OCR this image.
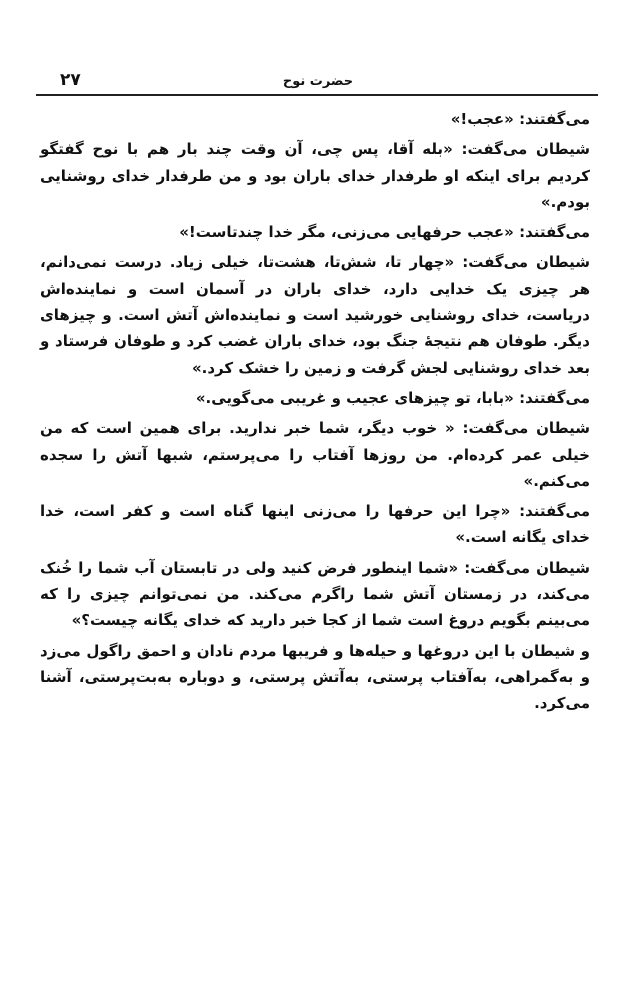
حضرت نوح
۲۷

می‌گفتند: «عجب!»

شیطان می‌گفت: «بله آقا، پس چی، آن وقت چند بار هم با نوح گفتگو کردیم برای اینکه او طرفدار خدای باران بود و من طرفدار خدای روشنایی بودم.»

می‌گفتند: «عجب حرفهایی می‌زنی، مگر خدا چندتاست!»

شیطان می‌گفت: «چهار تا، شش‌تا، هشت‌تا، خیلی زیاد. درست نمی‌دانم، هر چیزی یک خدایی دارد، خدای باران در آسمان است و نماینده‌اش دریاست، خدای روشنایی خورشید است و نماینده‌اش آتش است. و چیزهای دیگر. طوفان هم نتیجهٔ جنگ بود، خدای باران غضب کرد و طوفان فرستاد و بعد خدای روشنایی لجش گرفت و زمین را خشک کرد.»

می‌گفتند: «بابا، تو چیزهای عجیب و غریبی می‌گویی.»

شیطان می‌گفت: « خوب دیگر، شما خبر ندارید. برای همین است که من خیلی عمر کرده‌ام. من روزها آفتاب را می‌پرستم، شبها آتش را سجده می‌کنم.»

می‌گفتند: «چرا این حرفها را می‌زنی اینها گناه است و کفر است، خدا خدای یگانه است.»

شیطان می‌گفت: «شما اینطور فرض کنید ولی در تابستان آب شما را خُنک می‌کند، در زمستان آتش شما راگرم می‌کند. من نمی‌توانم چیزی را که می‌بینم بگویم دروغ است شما از کجا خبر دارید که خدای یگانه چیست؟»

و شیطان با این دروغها و حیله‌ها و فریبها مردم نادان و احمق راگول می‌زد و به‌گمراهی، به‌آفتاب پرستی، به‌آتش پرستی، و دوباره به‌بت‌پرستی، آشنا می‌کرد.
